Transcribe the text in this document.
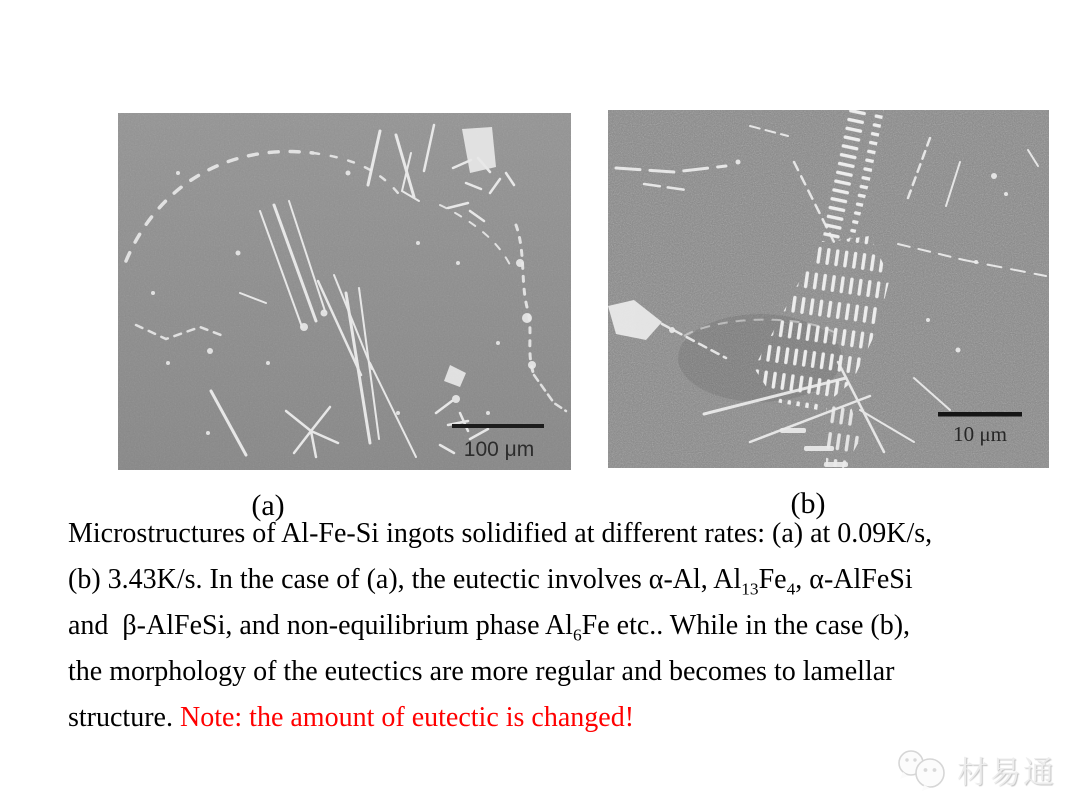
100 μm
10 μm
(a)	(b)
Microstructures of Al-Fe-Si ingots solidified at different rates: (a) at 0.09K/s,
(b) 3.43K/s. In the case of (a), the eutectic involves α-Al, $Al_{13}Fe_4$, α-AlFeSi
and  β-AlFeSi, and non-equilibrium phase $Al_6Fe$ etc.. While in the case (b),
the morphology of the eutectics are more regular and becomes to lamellar
structure. Note: the amount of eutectic is changed!
材易通
